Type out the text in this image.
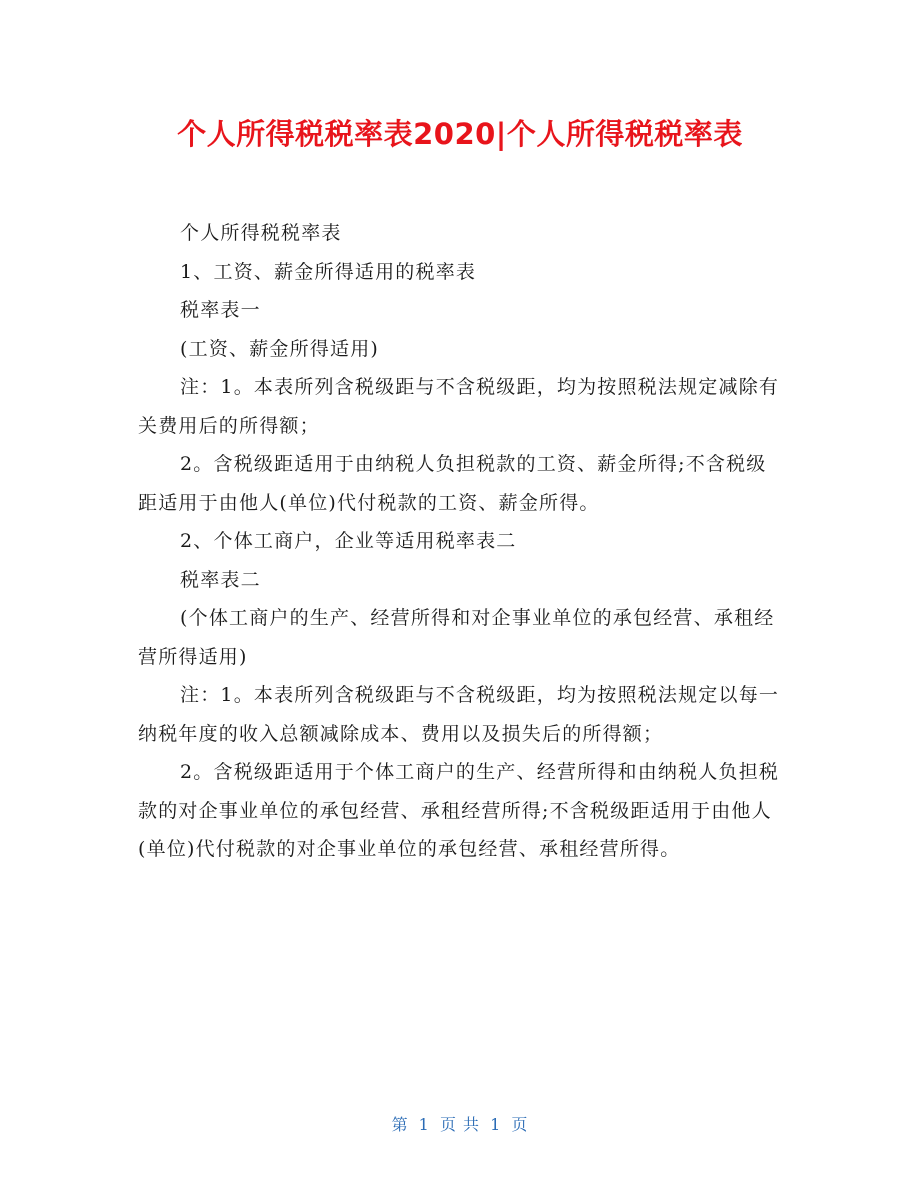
个人所得税税率表2020|个人所得税税率表

个人所得税税率表

1、工资、薪金所得适用的税率表

税率表一

(工资、薪金所得适用)

注：1。本表所列含税级距与不含税级距，均为按照税法规定减除有关费用后的所得额；

2。含税级距适用于由纳税人负担税款的工资、薪金所得;不含税级距适用于由他人(单位)代付税款的工资、薪金所得。

2、个体工商户，企业等适用税率表二

税率表二

(个体工商户的生产、经营所得和对企事业单位的承包经营、承租经营所得适用)

注：1。本表所列含税级距与不含税级距，均为按照税法规定以每一纳税年度的收入总额减除成本、费用以及损失后的所得额；

2。含税级距适用于个体工商户的生产、经营所得和由纳税人负担税款的对企事业单位的承包经营、承租经营所得;不含税级距适用于由他人(单位)代付税款的对企事业单位的承包经营、承租经营所得。

第 1 页 共 1 页
